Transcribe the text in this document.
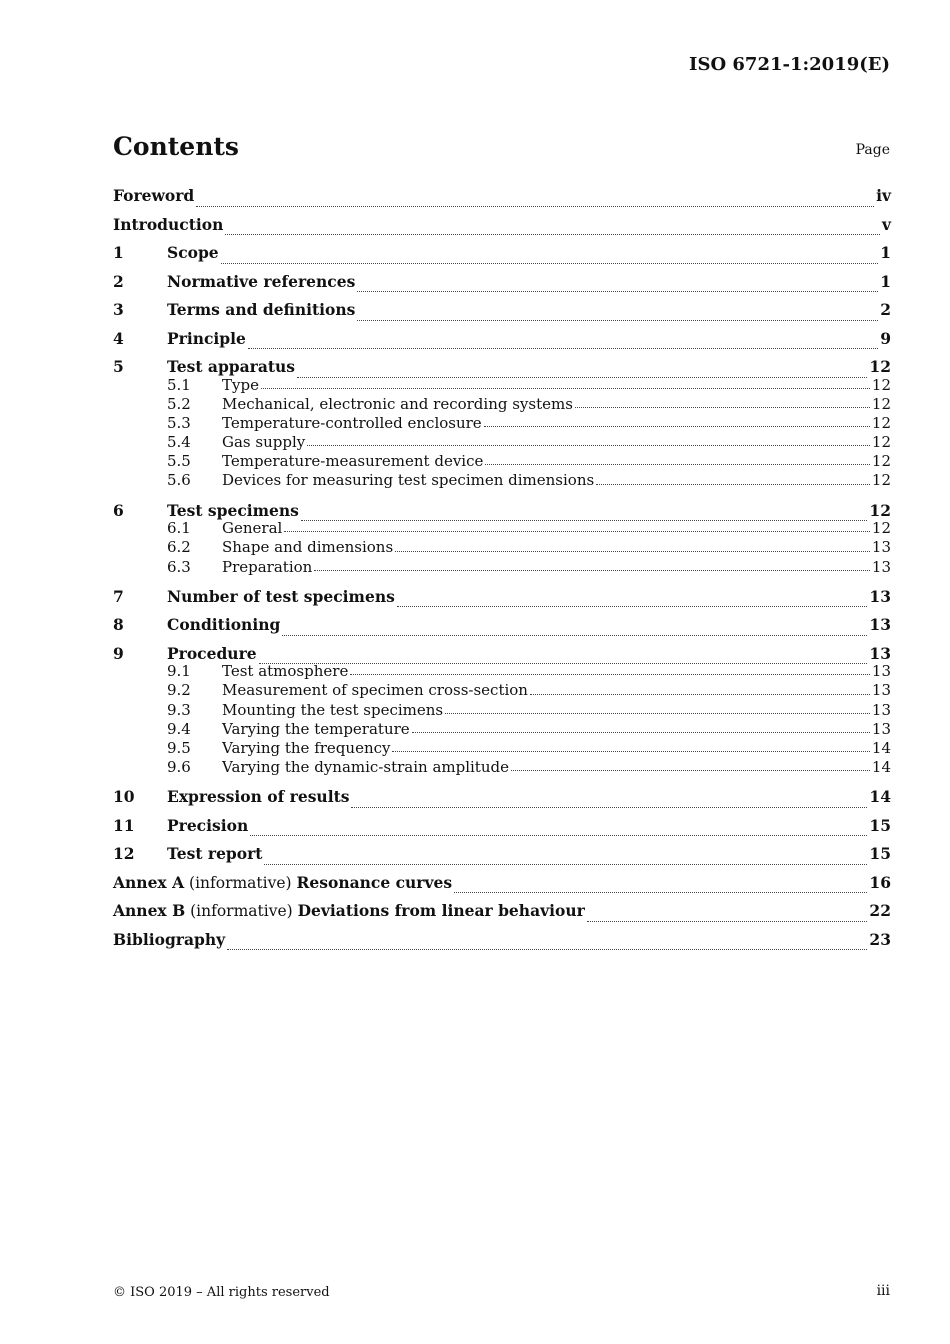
ISO 6721-1:2019(E)
Contents	Page
Foreword	iv
Introduction	v
1	Scope	1
2	Normative references	1
3	Terms and definitions	2
4	Principle	9
5	Test apparatus	12
5.1	Type	12
5.2	Mechanical, electronic and recording systems	12
5.3	Temperature-controlled enclosure	12
5.4	Gas supply	12
5.5	Temperature-measurement device	12
5.6	Devices for measuring test specimen dimensions	12
6	Test specimens	12
6.1	General	12
6.2	Shape and dimensions	13
6.3	Preparation	13
7	Number of test specimens	13
8	Conditioning	13
9	Procedure	13
9.1	Test atmosphere	13
9.2	Measurement of specimen cross-section	13
9.3	Mounting the test specimens	13
9.4	Varying the temperature	13
9.5	Varying the frequency	14
9.6	Varying the dynamic-strain amplitude	14
10	Expression of results	14
11	Precision	15
12	Test report	15
Annex A (informative) Resonance curves	16
Annex B (informative) Deviations from linear behaviour	22
Bibliography	23
© ISO 2019 – All rights reserved	iii
